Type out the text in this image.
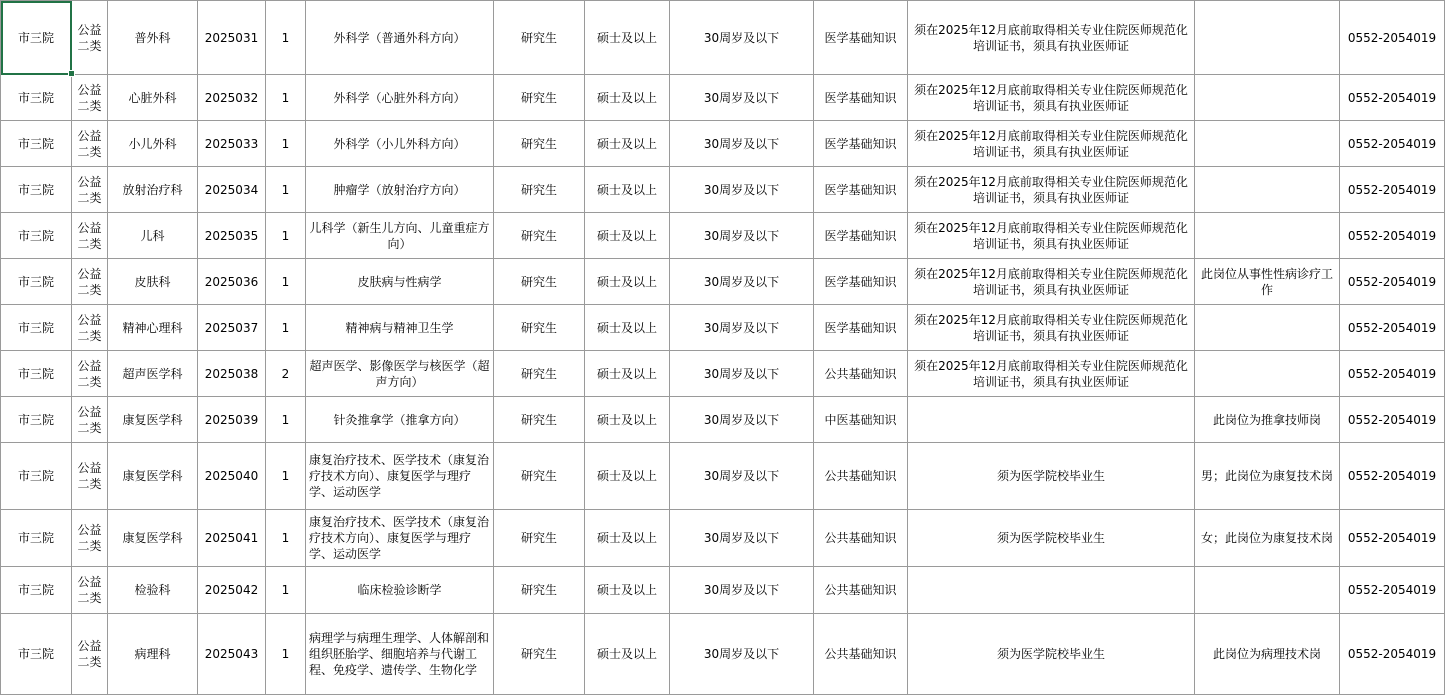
市三院	公益二类	普外科	2025031	1	外科学（普通外科方向）	研究生	硕士及以上	30周岁及以下	医学基础知识	须在2025年12月底前取得相关专业住院医师规范化培训证书，须具有执业医师证		0552-2054019
市三院	公益二类	心脏外科	2025032	1	外科学（心脏外科方向）	研究生	硕士及以上	30周岁及以下	医学基础知识	须在2025年12月底前取得相关专业住院医师规范化培训证书，须具有执业医师证		0552-2054019
市三院	公益二类	小儿外科	2025033	1	外科学（小儿外科方向）	研究生	硕士及以上	30周岁及以下	医学基础知识	须在2025年12月底前取得相关专业住院医师规范化培训证书，须具有执业医师证		0552-2054019
市三院	公益二类	放射治疗科	2025034	1	肿瘤学（放射治疗方向）	研究生	硕士及以上	30周岁及以下	医学基础知识	须在2025年12月底前取得相关专业住院医师规范化培训证书，须具有执业医师证		0552-2054019
市三院	公益二类	儿科	2025035	1	儿科学（新生儿方向、儿童重症方向）	研究生	硕士及以上	30周岁及以下	医学基础知识	须在2025年12月底前取得相关专业住院医师规范化培训证书，须具有执业医师证		0552-2054019
市三院	公益二类	皮肤科	2025036	1	皮肤病与性病学	研究生	硕士及以上	30周岁及以下	医学基础知识	须在2025年12月底前取得相关专业住院医师规范化培训证书，须具有执业医师证	此岗位从事性性病诊疗工作	0552-2054019
市三院	公益二类	精神心理科	2025037	1	精神病与精神卫生学	研究生	硕士及以上	30周岁及以下	医学基础知识	须在2025年12月底前取得相关专业住院医师规范化培训证书，须具有执业医师证		0552-2054019
市三院	公益二类	超声医学科	2025038	2	超声医学、影像医学与核医学（超声方向）	研究生	硕士及以上	30周岁及以下	公共基础知识	须在2025年12月底前取得相关专业住院医师规范化培训证书，须具有执业医师证		0552-2054019
市三院	公益二类	康复医学科	2025039	1	针灸推拿学（推拿方向）	研究生	硕士及以上	30周岁及以下	中医基础知识		此岗位为推拿技师岗	0552-2054019
市三院	公益二类	康复医学科	2025040	1	康复治疗技术、医学技术（康复治疗技术方向）、康复医学与理疗学、运动医学	研究生	硕士及以上	30周岁及以下	公共基础知识	须为医学院校毕业生	男；此岗位为康复技术岗	0552-2054019
市三院	公益二类	康复医学科	2025041	1	康复治疗技术、医学技术（康复治疗技术方向）、康复医学与理疗学、运动医学	研究生	硕士及以上	30周岁及以下	公共基础知识	须为医学院校毕业生	女；此岗位为康复技术岗	0552-2054019
市三院	公益二类	检验科	2025042	1	临床检验诊断学	研究生	硕士及以上	30周岁及以下	公共基础知识			0552-2054019
市三院	公益二类	病理科	2025043	1	病理学与病理生理学、人体解剖和组织胚胎学、细胞培养与代谢工程、免疫学、遗传学、生物化学	研究生	硕士及以上	30周岁及以下	公共基础知识	须为医学院校毕业生	此岗位为病理技术岗	0552-2054019
